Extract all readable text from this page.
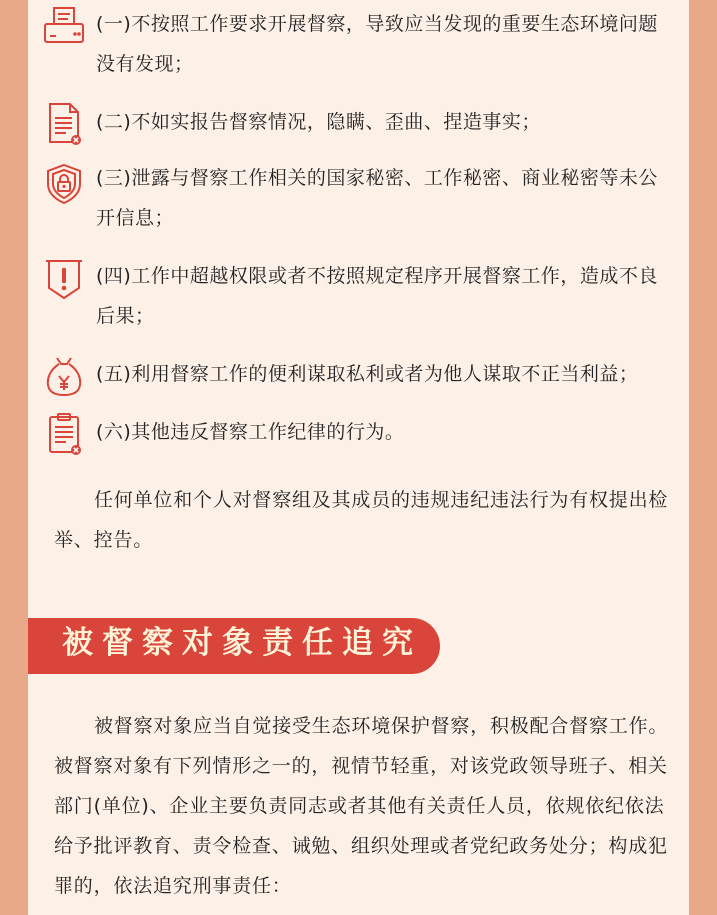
(一)不按照工作要求开展督察，导致应当发现的重要生态环境问题没有发现；
(二)不如实报告督察情况，隐瞒、歪曲、捏造事实；
(三)泄露与督察工作相关的国家秘密、工作秘密、商业秘密等未公开信息；
(四)工作中超越权限或者不按照规定程序开展督察工作，造成不良后果；
(五)利用督察工作的便利谋取私利或者为他人谋取不正当利益；
(六)其他违反督察工作纪律的行为。
任何单位和个人对督察组及其成员的违规违纪违法行为有权提出检举、控告。
被督察对象责任追究
被督察对象应当自觉接受生态环境保护督察，积极配合督察工作。被督察对象有下列情形之一的，视情节轻重，对该党政领导班子、相关部门(单位)、企业主要负责同志或者其他有关责任人员，依规依纪依法给予批评教育、责令检查、诫勉、组织处理或者党纪政务处分；构成犯罪的，依法追究刑事责任：
